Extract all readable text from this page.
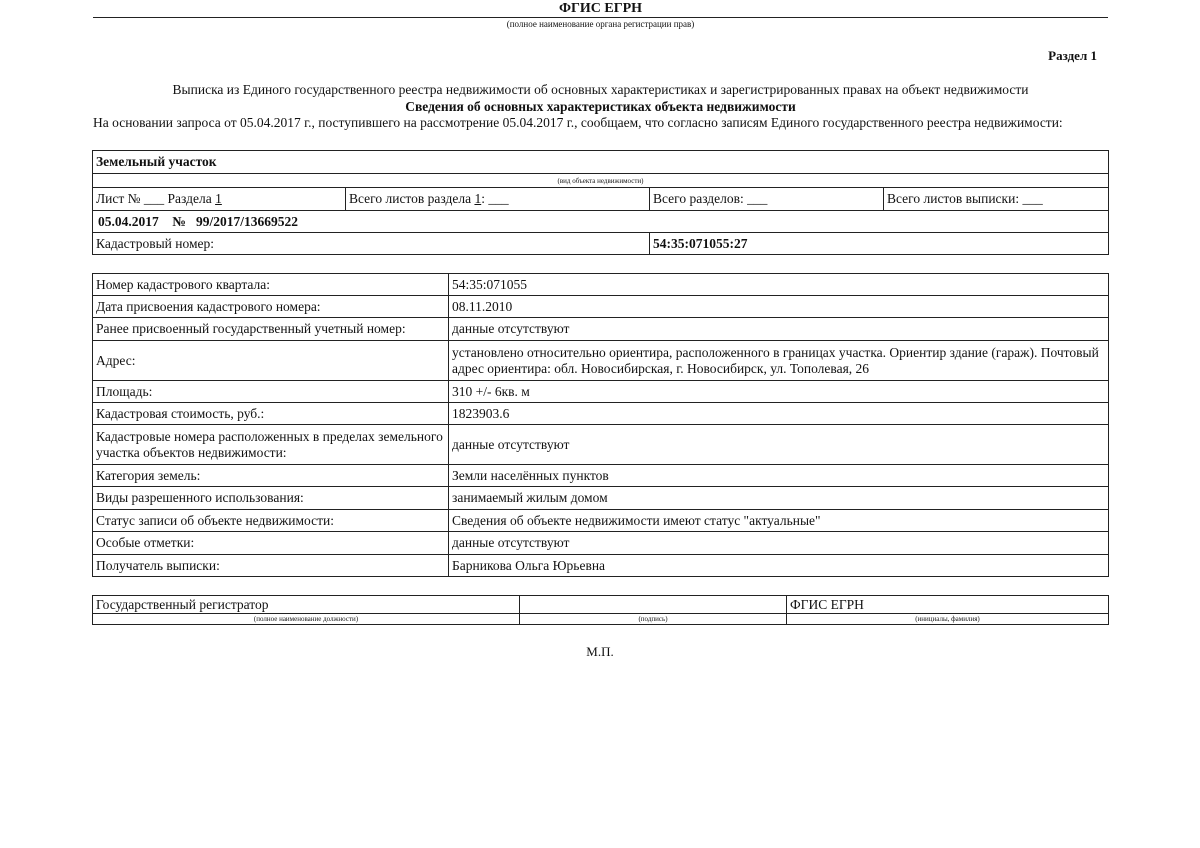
ФГИС ЕГРН
(полное наименование органа регистрации прав)
Раздел 1
Выписка из Единого государственного реестра недвижимости об основных характеристиках и зарегистрированных правах на объект недвижимости
Сведения об основных характеристиках объекта недвижимости
На основании запроса от 05.04.2017 г., поступившего на рассмотрение 05.04.2017 г., сообщаем, что согласно записям Единого государственного реестра недвижимости:
Земельный участок			
(вид объекта недвижимости)			
Лист № ___ Раздела 1	Всего листов раздела 1: ___	Всего разделов: ___	Всего листов выписки: ___
05.04.2017 № 99/2017/13669522			
Кадастровый номер:		54:35:071055:27	
Номер кадастрового квартала:	54:35:071055
Дата присвоения кадастрового номера:	08.11.2010
Ранее присвоенный государственный учетный номер:	данные отсутствуют
Адрес:	установлено относительно ориентира, расположенного в границах участка. Ориентир здание (гараж). Почтовый адрес ориентира: обл. Новосибирская, г. Новосибирск, ул. Тополевая, 26
Площадь:	310 +/- 6кв. м
Кадастровая стоимость, руб.:	1823903.6
Кадастровые номера расположенных в пределах земельного участка объектов недвижимости:	данные отсутствуют
Категория земель:	Земли населённых пунктов
Виды разрешенного использования:	занимаемый жилым домом
Статус записи об объекте недвижимости:	Сведения об объекте недвижимости имеют статус "актуальные"
Особые отметки:	данные отсутствуют
Получатель выписки:	Барникова Ольга Юрьевна
Государственный регистратор		ФГИС ЕГРН
(полное наименование должности)	(подпись)	(инициалы, фамилия)
М.П.
